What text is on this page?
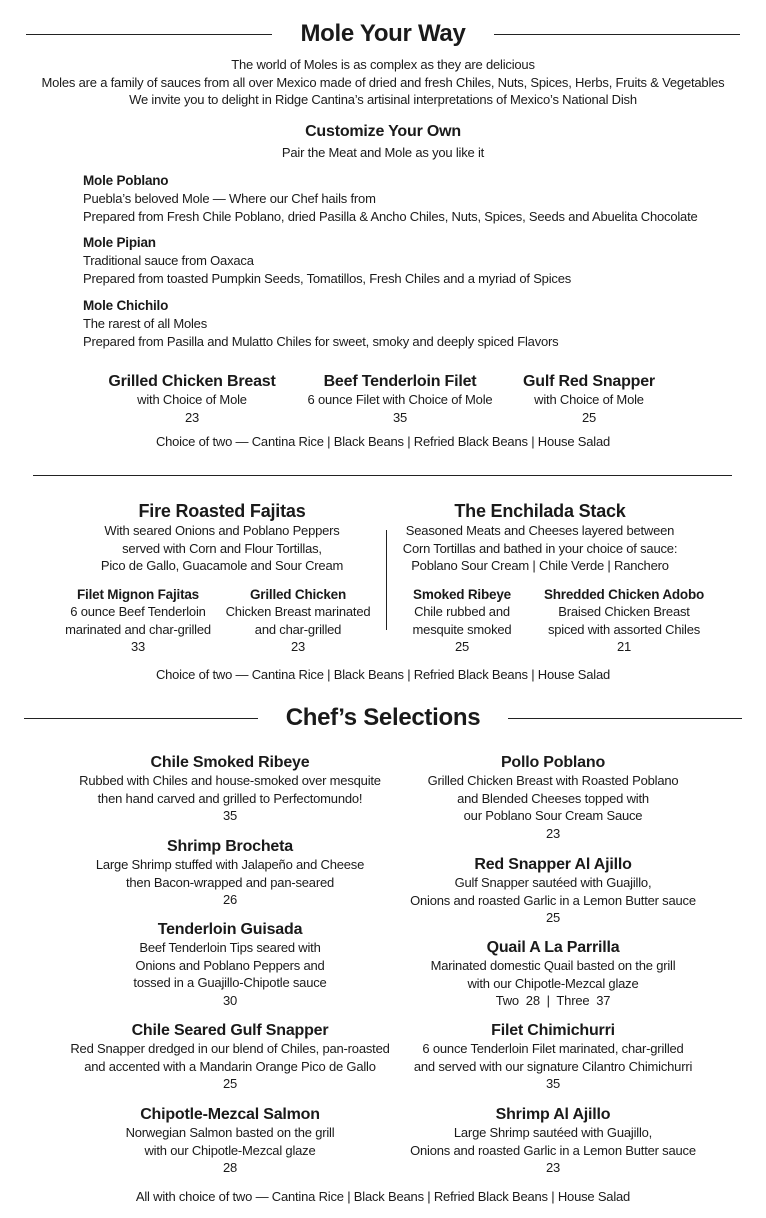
Mole Your Way
The world of Moles is as complex as they are delicious
Moles are a family of sauces from all over Mexico made of dried and fresh Chiles, Nuts, Spices, Herbs, Fruits & Vegetables
We invite you to delight in Ridge Cantina’s artisinal interpretations of Mexico’s National Dish
Customize Your Own
Pair the Meat and Mole as you like it
Mole Poblano
Puebla’s beloved Mole — Where our Chef hails from
Prepared from Fresh Chile Poblano, dried Pasilla & Ancho Chiles, Nuts, Spices, Seeds and Abuelita Chocolate
Mole Pipian
Traditional sauce from Oaxaca
Prepared from toasted Pumpkin Seeds, Tomatillos, Fresh Chiles and a myriad of Spices
Mole Chichilo
The rarest of all Moles
Prepared from Pasilla and Mulatto Chiles for sweet, smoky and deeply spiced Flavors
Grilled Chicken Breast
with Choice of Mole
23
Beef Tenderloin Filet
6 ounce Filet with Choice of Mole
35
Gulf Red Snapper
with Choice of Mole
25
Choice of two — Cantina Rice | Black Beans | Refried Black Beans | House Salad
Fire Roasted Fajitas
With seared Onions and Poblano Peppers
served with Corn and Flour Tortillas,
Pico de Gallo, Guacamole and Sour Cream
Filet Mignon Fajitas
6 ounce Beef Tenderloin
marinated and char-grilled
33
Grilled Chicken
Chicken Breast marinated
and char-grilled
23
The Enchilada Stack
Seasoned Meats and Cheeses layered between
Corn Tortillas and bathed in your choice of sauce:
Poblano Sour Cream | Chile Verde | Ranchero
Smoked Ribeye
Chile rubbed and
mesquite smoked
25
Shredded Chicken Adobo
Braised Chicken Breast
spiced with assorted Chiles
21
Choice of two — Cantina Rice | Black Beans | Refried Black Beans | House Salad
Chef’s Selections
Chile Smoked Ribeye
Rubbed with Chiles and house-smoked over mesquite
then hand carved and grilled to Perfectomundo!
35
Shrimp Brocheta
Large Shrimp stuffed with Jalapeño and Cheese
then Bacon-wrapped and pan-seared
26
Tenderloin Guisada
Beef Tenderloin Tips seared with
Onions and Poblano Peppers and
tossed in a Guajillo-Chipotle sauce
30
Chile Seared Gulf Snapper
Red Snapper dredged in our blend of Chiles, pan-roasted
and accented with a Mandarin Orange Pico de Gallo
25
Chipotle-Mezcal Salmon
Norwegian Salmon basted on the grill
with our Chipotle-Mezcal glaze
28
Pollo Poblano
Grilled Chicken Breast with Roasted Poblano
and Blended Cheeses topped with
our Poblano Sour Cream Sauce
23
Red Snapper Al Ajillo
Gulf Snapper sautéed with Guajillo,
Onions and roasted Garlic in a Lemon Butter sauce
25
Quail A La Parrilla
Marinated domestic Quail basted on the grill
with our Chipotle-Mezcal glaze
Two  28  |  Three  37
Filet Chimichurri
6 ounce Tenderloin Filet marinated, char-grilled
and served with our signature Cilantro Chimichurri
35
Shrimp Al Ajillo
Large Shrimp sautéed with Guajillo,
Onions and roasted Garlic in a Lemon Butter sauce
23
All with choice of two — Cantina Rice | Black Beans | Refried Black Beans | House Salad
